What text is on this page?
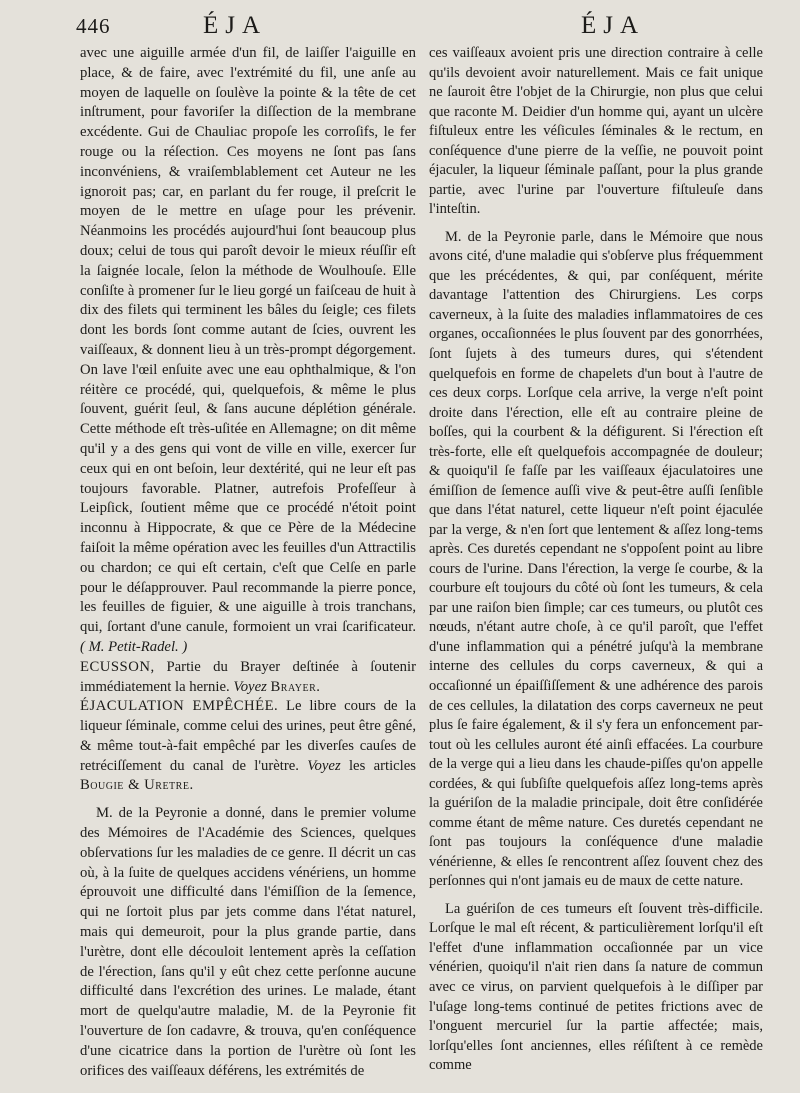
446	ÉJA	ÉJA

avec une aiguille armée d'un fil, de laiſſer l'aiguille en place, & de faire, avec l'extrémité du fil, une anſe au moyen de laquelle on ſoulève la pointe & la tête de cet inſtrument, pour favoriſer la diſſection de la membrane excédente. Gui de Chauliac propoſe les corroſifs, le fer rouge ou la réſection. Ces moyens ne ſont pas ſans inconvéniens, & vraiſemblablement cet Auteur ne les ignoroit pas; car, en parlant du fer rouge, il preſcrit le moyen de le mettre en uſage pour les prévenir. Néanmoins les procédés aujourd'hui ſont beaucoup plus doux; celui de tous qui paroît devoir le mieux réuſſir eſt la ſaignée locale, ſelon la méthode de Woulhouſe. Elle conſiſte à promener ſur le lieu gorgé un faiſceau de huit à dix des filets qui terminent les bâles du ſeigle; ces filets dont les bords ſont comme autant de ſcies, ouvrent les vaiſſeaux, & donnent lieu à un très-prompt dégorgement. On lave l'œil enſuite avec une eau ophthalmique, & l'on réitère ce procédé, qui, quelquefois, & même le plus ſouvent, guérit ſeul, & ſans aucune déplétion générale. Cette méthode eſt très-uſitée en Allemagne; on dit même qu'il y a des gens qui vont de ville en ville, exercer ſur ceux qui en ont beſoin, leur dextérité, qui ne leur eſt pas toujours favorable. Platner, autrefois Profeſſeur à Leipſick, ſoutient même que ce procédé n'étoit point inconnu à Hippocrate, & que ce Père de la Médecine faiſoit la même opération avec les feuilles d'un Attractilis ou chardon; ce qui eſt certain, c'eſt que Celſe en parle pour le déſapprouver. Paul recommande la pierre ponce, les feuilles de figuier, & une aiguille à trois tranchans, qui, ſortant d'une canule, formoient un vrai ſcarificateur. ( M. Petit-Radel. )

ECUSSON, Partie du Brayer deſtinée à ſoutenir immédiatement la hernie. Voyez Brayer.

ÉJACULATION EMPÊCHÉE. Le libre cours de la liqueur ſéminale, comme celui des urines, peut être gêné, & même tout-à-fait empêché par les diverſes cauſes de retréciſſement du canal de l'urètre. Voyez les articles Bougie & Uretre.

M. de la Peyronie a donné, dans le premier volume des Mémoires de l'Académie des Sciences, quelques obſervations ſur les maladies de ce genre. Il décrit un cas où, à la ſuite de quelques accidens vénériens, un homme éprouvoit une difficulté dans l'émiſſion de la ſemence, qui ne ſortoit plus par jets comme dans l'état naturel, mais qui demeuroit, pour la plus grande partie, dans l'urètre, dont elle découloit lentement après la ceſſation de l'érection, ſans qu'il y eût chez cette perſonne aucune difficulté dans l'excrétion des urines. Le malade, étant mort de quelqu'autre maladie, M. de la Peyronie fit l'ouverture de ſon cadavre, & trouva, qu'en conſéquence d'une cicatrice dans la portion de l'urètre où ſont les orifices des vaiſſeaux déférens, les extrémités de

ces vaiſſeaux avoient pris une direction contraire à celle qu'ils devoient avoir naturellement. Mais ce fait unique ne ſauroit être l'objet de la Chirurgie, non plus que celui que raconte M. Deidier d'un homme qui, ayant un ulcère fiſtuleux entre les véſicules ſéminales & le rectum, en conſéquence d'une pierre de la veſſie, ne pouvoit point éjaculer, la liqueur ſéminale paſſant, pour la plus grande partie, avec l'urine par l'ouverture fiſtuleuſe dans l'inteſtin.

M. de la Peyronie parle, dans le Mémoire que nous avons cité, d'une maladie qui s'obſerve plus fréquemment que les précédentes, & qui, par conſéquent, mérite davantage l'attention des Chirurgiens. Les corps caverneux, à la ſuite des maladies inflammatoires de ces organes, occaſionnées le plus ſouvent par des gonorrhées, ſont ſujets à des tumeurs dures, qui s'étendent quelquefois en forme de chapelets d'un bout à l'autre de ces deux corps. Lorſque cela arrive, la verge n'eſt point droite dans l'érection, elle eſt au contraire pleine de boſſes, qui la courbent & la défigurent. Si l'érection eſt très-forte, elle eſt quelquefois accompagnée de douleur; & quoiqu'il ſe faſſe par les vaiſſeaux éjaculatoires une émiſſion de ſemence auſſi vive & peut-être auſſi ſenſible que dans l'état naturel, cette liqueur n'eſt point éjaculée par la verge, & n'en ſort que lentement & aſſez long-tems après. Ces duretés cependant ne s'oppoſent point au libre cours de l'urine. Dans l'érection, la verge ſe courbe, & la courbure eſt toujours du côté où ſont les tumeurs, & cela par une raiſon bien ſimple; car ces tumeurs, ou plutôt ces nœuds, n'étant autre choſe, à ce qu'il paroît, que l'effet d'une inflammation qui a pénétré juſqu'à la membrane interne des cellules du corps caverneux, & qui a occaſionné un épaiſſiſſement & une adhérence des parois de ces cellules, la dilatation des corps caverneux ne peut plus ſe faire également, & il s'y fera un enfoncement par-tout où les cellules auront été ainſi effacées. La courbure de la verge qui a lieu dans les chaude-piſſes qu'on appelle cordées, & qui ſubſiſte quelquefois aſſez long-tems après la guériſon de la maladie principale, doit être conſidérée comme étant de même nature. Ces duretés cependant ne ſont pas toujours la conſéquence d'une maladie vénérienne, & elles ſe rencontrent aſſez ſouvent chez des perſonnes qui n'ont jamais eu de maux de cette nature.

La guériſon de ces tumeurs eſt ſouvent très-difficile. Lorſque le mal eſt récent, & particulièrement lorſqu'il eſt l'effet d'une inflammation occaſionnée par un vice vénérien, quoiqu'il n'ait rien dans ſa nature de commun avec ce virus, on parvient quelquefois à le diſſiper par l'uſage long-tems continué de petites frictions avec de l'onguent mercuriel ſur la partie affectée; mais, lorſqu'elles ſont anciennes, elles réſiſtent à ce remède comme
